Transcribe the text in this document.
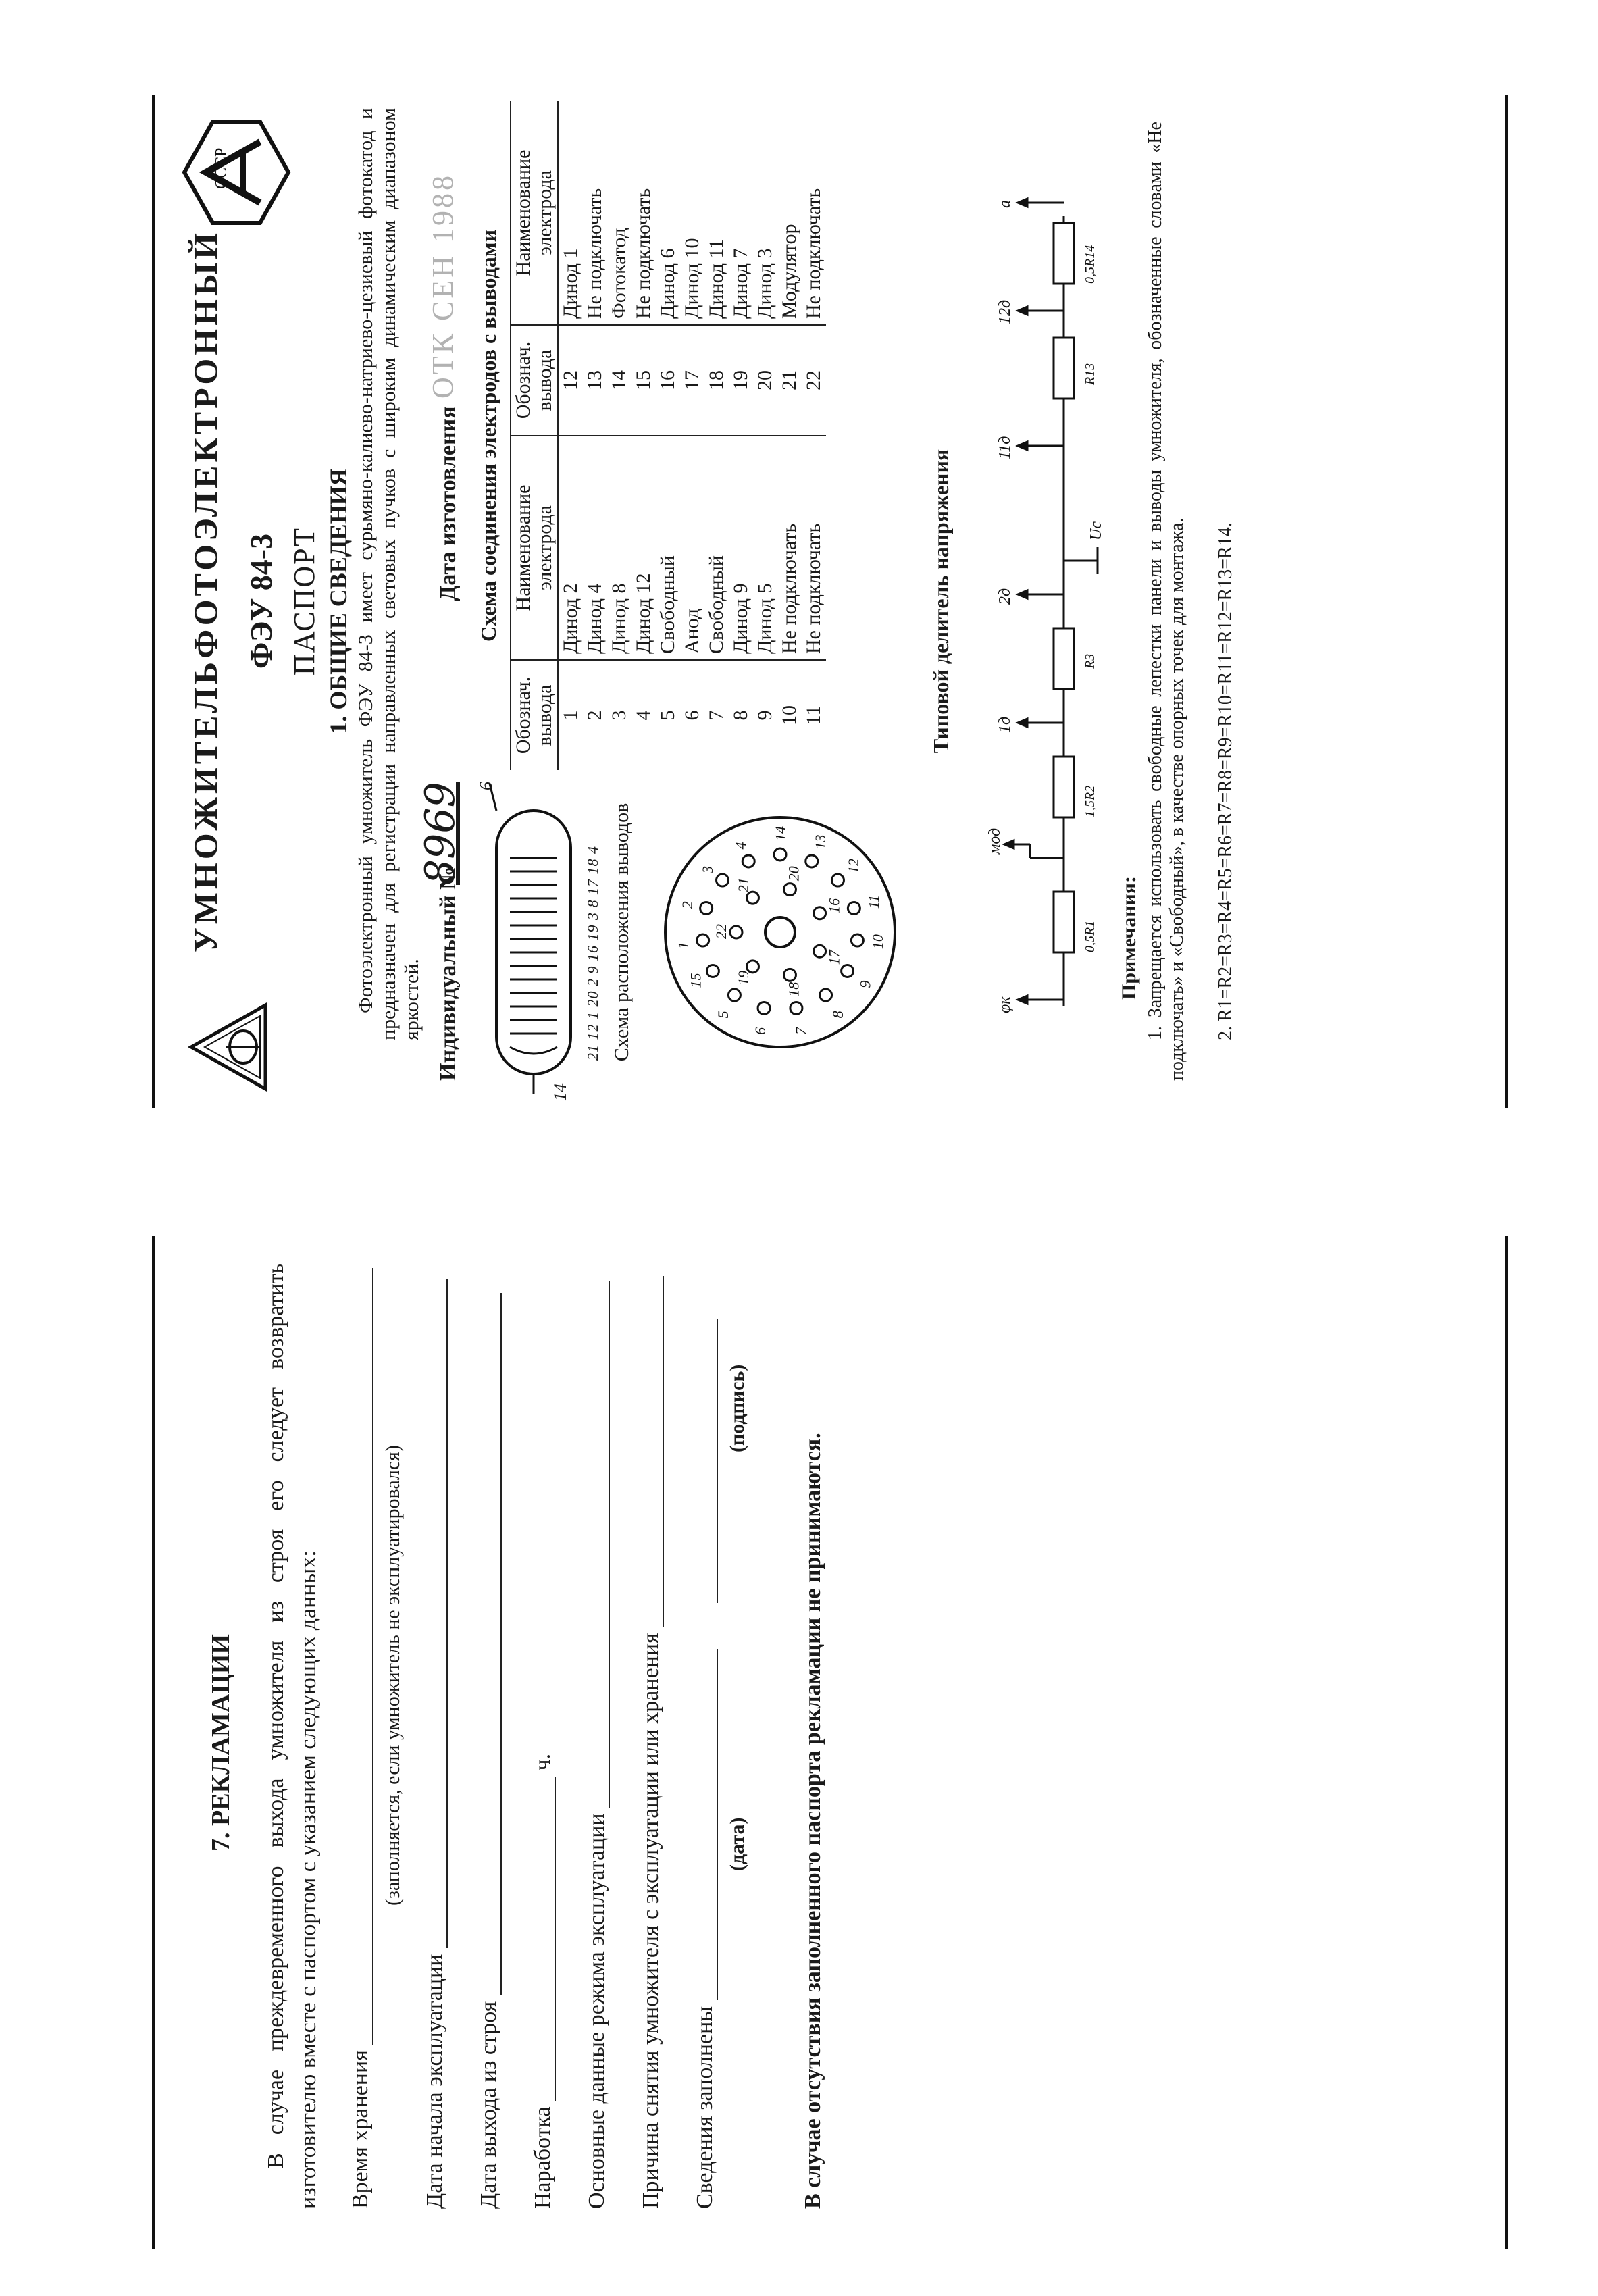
СССР
УМНОЖИТЕЛЬ
ФОТОЭЛЕКТРОННЫЙ ФЭУ 84-3 ПАСПОРТ 1. ОБЩИЕ СВЕДЕНИЯ Фотоэлектронный умножитель ФЭУ 84-3 имеет сурьмяно-калиево-натриево-цезиевый фотокатод и предназначен для регистрации направленных световых пучков с широким динамическим диапазоном яркостей. Индивидуальный №
8969
Дата изготовления
ОТК СЕН 1988
14
6
21 12 1 20 2 9 16 19 3 8 17 18 4 Схема расположения выводов	15
1
2
3
4
14
13
12
11
10
9
8
7
6
5
22
21
20
16
17
18
19
Схема соединения электродов с выводами
Обознач. вывода	Наименование электрода	Обознач. вывода	Наименование электрода
1	Динод 2	12	Динод 1
2	Динод 4	13	Не подключать
3	Динод 8	14	Фотокатод
4	Динод 12	15	Не подключать
5	Свободный	16	Динод 6
6	Анод	17	Динод 10
7	Свободный	18	Динод 11
8	Динод 9	19	Динод 7
9	Динод 5	20	Динод 3
10	Не подключать	21	Модулятор
11	Не подключать	22	Не подключать
Типовой делитель напряжения
φк
мод
1д
2д
11д
12д
а
Uс
0,5R1
1,5R2
R3
R13
0,5R14
Примечания: 1. Запрещается использовать свободные лепестки панели и выводы умножителя, обозначенные словами «Не подключать» и «Свободный», в качестве опорных точек для монтажа.
7. РЕКЛАМАЦИИ В случае преждевременного выхода умножителя из строя его следует возвратить изготовителю вместе с паспортом с указанием следующих данных: Время хранения
(заполняется, если умножитель не эксплуатировался)
Дата начала эксплуатации Дата выхода из строя Наработка  ч.
Основные данные режима эксплуатации Причина снятия умножителя с эксплуатации или хранения Сведения заполнены
(дата)
(подпись)
В случае отсутствия заполненного паспорта рекламации не принимаются.
2. R1=R2=R3=R4=R5=R6=R7=R8=R9=R10=R11=R12=R13=R14.
